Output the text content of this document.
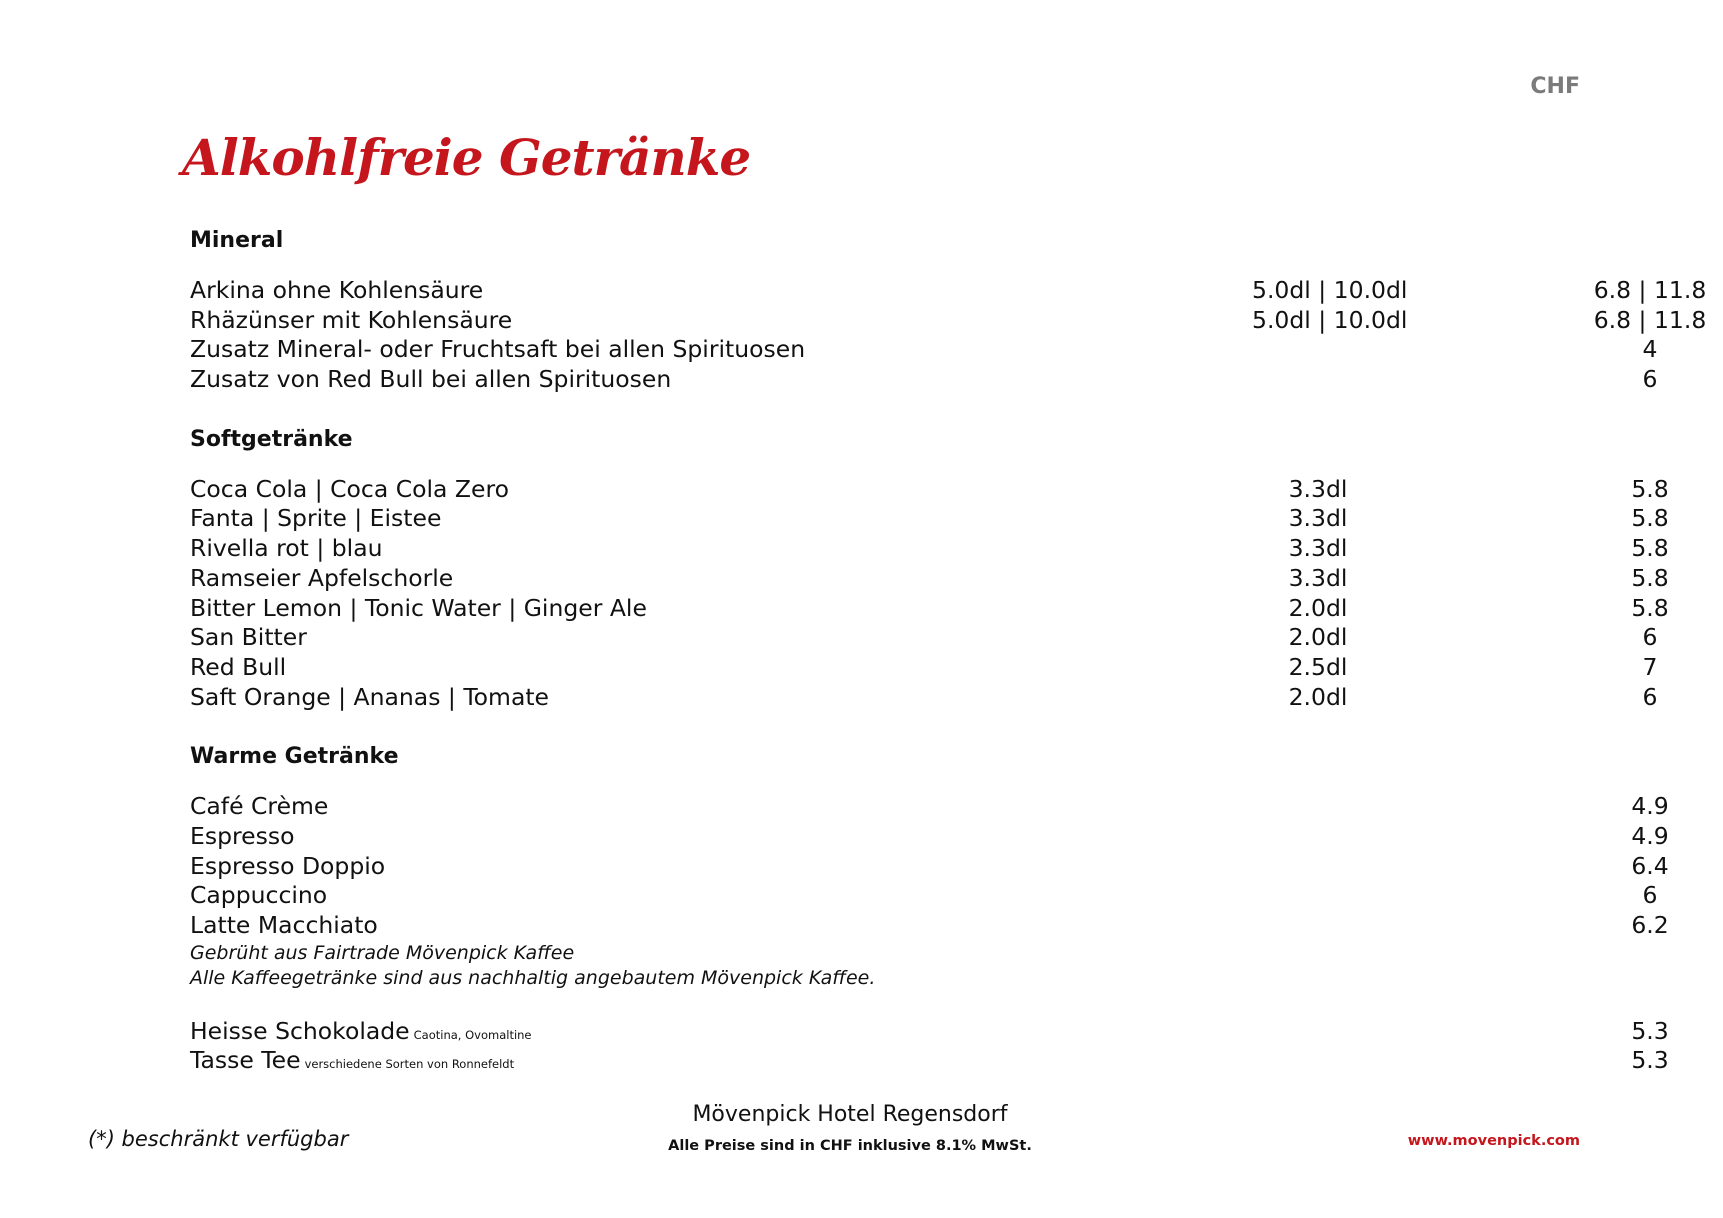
CHF
Alkohlfreie Getränke
Mineral
Arkina ohne Kohlensäure	5.0dl | 10.0dl	6.8 | 11.8
Rhäzünser mit Kohlensäure	5.0dl | 10.0dl	6.8 | 11.8
Zusatz Mineral- oder Fruchtsaft bei allen Spirituosen	4
Zusatz von Red Bull bei allen Spirituosen	6
Softgetränke
Coca Cola | Coca Cola Zero	3.3dl	5.8
Fanta | Sprite | Eistee	3.3dl	5.8
Rivella rot | blau	3.3dl	5.8
Ramseier Apfelschorle	3.3dl	5.8
Bitter Lemon | Tonic Water | Ginger Ale	2.0dl	5.8
San Bitter	2.0dl	6
Red Bull	2.5dl	7
Saft Orange | Ananas | Tomate	2.0dl	6
Warme Getränke
Café Crème	4.9
Espresso	4.9
Espresso Doppio	6.4
Cappuccino	6
Latte Macchiato	6.2
Gebrüht aus Fairtrade Mövenpick Kaffee
Alle Kaffeegetränke sind aus nachhaltig angebautem Mövenpick Kaffee.
Heisse Schokolade Caotina, Ovomaltine	5.3
Tasse Tee verschiedene Sorten von Ronnefeldt	5.3
(*) beschränkt verfügbar
Mövenpick Hotel Regensdorf
Alle Preise sind in CHF inklusive 8.1% MwSt.	www.movenpick.com
